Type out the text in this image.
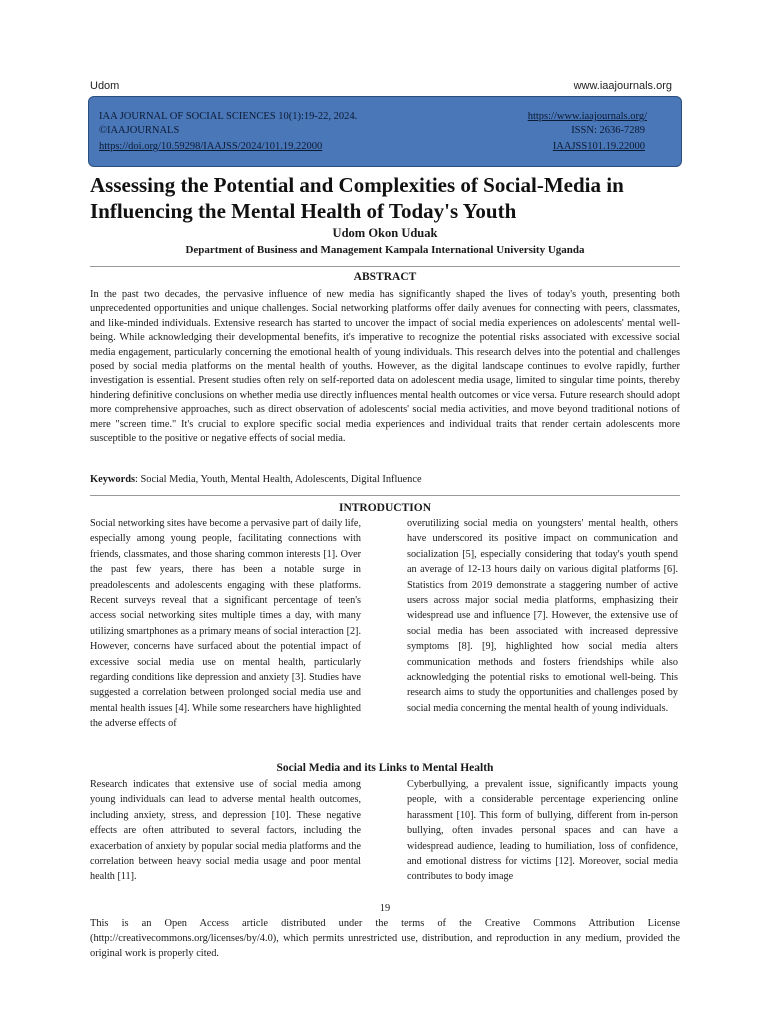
Udom	www.iaajournals.org
IAA JOURNAL OF SOCIAL SCIENCES 10(1):19-22, 2024.
©IAAJOURNALS
https://doi.org/10.59298/IAAJSS/2024/101.19.22000
https://www.iaajournals.org/
ISSN: 2636-7289
IAAJSS101.19.22000
Assessing the Potential and Complexities of Social-Media in Influencing the Mental Health of Today's Youth
Udom Okon Uduak
Department of Business and Management Kampala International University Uganda
ABSTRACT

In the past two decades, the pervasive influence of new media has significantly shaped the lives of today's youth, presenting both unprecedented opportunities and unique challenges. Social networking platforms offer daily avenues for connecting with peers, classmates, and like-minded individuals. Extensive research has started to uncover the impact of social media experiences on adolescents' mental well-being. While acknowledging their developmental benefits, it's imperative to recognize the potential risks associated with excessive social media engagement, particularly concerning the emotional health of young individuals. This research delves into the potential and challenges posed by social media platforms on the mental health of youths. However, as the digital landscape continues to evolve rapidly, further investigation is essential. Present studies often rely on self-reported data on adolescent media usage, limited to singular time points, thereby hindering definitive conclusions on whether media use directly influences mental health outcomes or vice versa. Future research should adopt more comprehensive approaches, such as direct observation of adolescents' social media activities, and move beyond traditional notions of mere "screen time." It's crucial to explore specific social media experiences and individual traits that render certain adolescents more susceptible to the positive or negative effects of social media.

Keywords: Social Media, Youth, Mental Health, Adolescents, Digital Influence
INTRODUCTION

Social networking sites have become a pervasive part of daily life, especially among young people, facilitating connections with friends, classmates, and those sharing common interests [1]. Over the past few years, there has been a notable surge in preadolescents and adolescents engaging with these platforms. Recent surveys reveal that a significant percentage of teen's access social networking sites multiple times a day, with many utilizing smartphones as a primary means of social interaction [2]. However, concerns have surfaced about the potential impact of excessive social media use on mental health, particularly regarding conditions like depression and anxiety [3]. Studies have suggested a correlation between prolonged social media use and mental health issues [4]. While some researchers have highlighted the adverse effects of

overutilizing social media on youngsters' mental health, others have underscored its positive impact on communication and socialization [5], especially considering that today's youth spend an average of 12-13 hours daily on various digital platforms [6]. Statistics from 2019 demonstrate a staggering number of active users across major social media platforms, emphasizing their widespread use and influence [7]. However, the extensive use of social media has been associated with increased depressive symptoms [8]. [9], highlighted how social media alters communication methods and fosters friendships while also acknowledging the potential risks to emotional well-being. This research aims to study the opportunities and challenges posed by social media concerning the mental health of young individuals.

Social Media and its Links to Mental Health

Research indicates that extensive use of social media among young individuals can lead to adverse mental health outcomes, including anxiety, stress, and depression [10]. These negative effects are often attributed to several factors, including the exacerbation of anxiety by popular social media platforms and the correlation between heavy social media usage and poor mental health [11].

Cyberbullying, a prevalent issue, significantly impacts young people, with a considerable percentage experiencing online harassment [10]. This form of bullying, different from in-person bullying, often invades personal spaces and can have a widespread audience, leading to humiliation, loss of confidence, and emotional distress for victims [12]. Moreover, social media contributes to body image

19

This is an Open Access article distributed under the terms of the Creative Commons Attribution License (http://creativecommons.org/licenses/by/4.0), which permits unrestricted use, distribution, and reproduction in any medium, provided the original work is properly cited.
